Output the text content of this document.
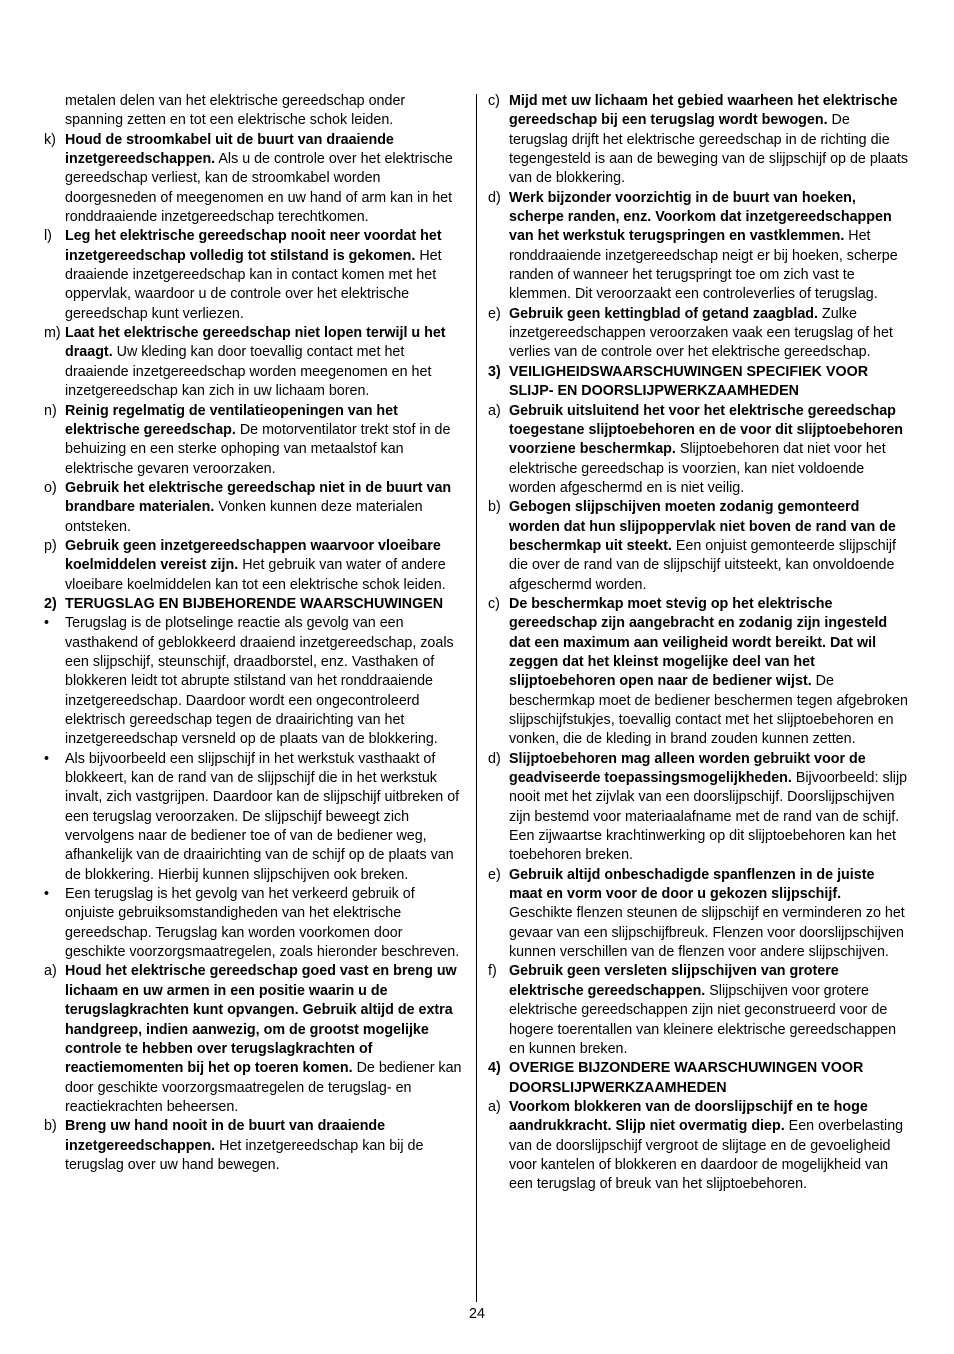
metalen delen van het elektrische gereedschap onder spanning zetten en tot een elektrische schok leiden.
k) Houd de stroomkabel uit de buurt van draaiende inzetgereedschappen. Als u de controle over het elektrische gereedschap verliest, kan de stroomkabel worden doorgesneden of meegenomen en uw hand of arm kan in het ronddraaiende inzetgereedschap terechtkomen.
l) Leg het elektrische gereedschap nooit neer voordat het inzetgereedschap volledig tot stilstand is gekomen. Het draaiende inzetgereedschap kan in contact komen met het oppervlak, waardoor u de controle over het elektrische gereedschap kunt verliezen.
m) Laat het elektrische gereedschap niet lopen terwijl u het draagt. Uw kleding kan door toevallig contact met het draaiende inzetgereedschap worden meegenomen en het inzetgereedschap kan zich in uw lichaam boren.
n) Reinig regelmatig de ventilatieopeningen van het elektrische gereedschap. De motorventilator trekt stof in de behuizing en een sterke ophoping van metaalstof kan elektrische gevaren veroorzaken.
o) Gebruik het elektrische gereedschap niet in de buurt van brandbare materialen. Vonken kunnen deze materialen ontsteken.
p) Gebruik geen inzetgereedschappen waarvoor vloeibare koelmiddelen vereist zijn. Het gebruik van water of andere vloeibare koelmiddelen kan tot een elektrische schok leiden.
2) TERUGSLAG EN BIJBEHORENDE WAARSCHUWINGEN
• Terugslag is de plotselinge reactie als gevolg van een vasthakend of geblokkeerd draaiend inzetgereedschap, zoals een slijpschijf, steunschijf, draadborstel, enz. Vasthaken of blokkeren leidt tot abrupte stilstand van het ronddraaiende inzetgereedschap. Daardoor wordt een ongecontroleerd elektrisch gereedschap tegen de draairichting van het inzetgereedschap versneld op de plaats van de blokkering.
• Als bijvoorbeeld een slijpschijf in het werkstuk vasthaakt of blokkeert, kan de rand van de slijpschijf die in het werkstuk invalt, zich vastgrijpen. Daardoor kan de slijpschijf uitbreken of een terugslag veroorzaken. De slijpschijf beweegt zich vervolgens naar de bediener toe of van de bediener weg, afhankelijk van de draairichting van de schijf op de plaats van de blokkering. Hierbij kunnen slijpschijven ook breken.
• Een terugslag is het gevolg van het verkeerd gebruik of onjuiste gebruiksomstandigheden van het elektrische gereedschap. Terugslag kan worden voorkomen door geschikte voorzorgsmaatregelen, zoals hieronder beschreven.
a) Houd het elektrische gereedschap goed vast en breng uw lichaam en uw armen in een positie waarin u de terugslagkrachten kunt opvangen. Gebruik altijd de extra handgreep, indien aanwezig, om de grootst mogelijke controle te hebben over terugslagkrachten of reactiemomenten bij het op toeren komen. De bediener kan door geschikte voorzorgsmaatregelen de terugslag- en reactiekrachten beheersen.
b) Breng uw hand nooit in de buurt van draaiende inzetgereedschappen. Het inzetgereedschap kan bij de terugslag over uw hand bewegen.
c) Mijd met uw lichaam het gebied waarheen het elektrische gereedschap bij een terugslag wordt bewogen. De terugslag drijft het elektrische gereedschap in de richting die tegengesteld is aan de beweging van de slijpschijf op de plaats van de blokkering.
d) Werk bijzonder voorzichtig in de buurt van hoeken, scherpe randen, enz. Voorkom dat inzetgereedschappen van het werkstuk terugspringen en vastklemmen. Het ronddraaiende inzetgereedschap neigt er bij hoeken, scherpe randen of wanneer het terugspringt toe om zich vast te klemmen. Dit veroorzaakt een controleverlies of terugslag.
e) Gebruik geen kettingblad of getand zaagblad. Zulke inzetgereedschappen veroorzaken vaak een terugslag of het verlies van de controle over het elektrische gereedschap.
3) VEILIGHEIDSWAARSCHUWINGEN SPECIFIEK VOOR SLIJP- EN DOORSLIJPWERKZAAMHEDEN
a) Gebruik uitsluitend het voor het elektrische gereedschap toegestane slijptoebehoren en de voor dit slijptoebehoren voorziene beschermkap. Slijptoebehoren dat niet voor het elektrische gereedschap is voorzien, kan niet voldoende worden afgeschermd en is niet veilig.
b) Gebogen slijpschijven moeten zodanig gemonteerd worden dat hun slijpoppervlak niet boven de rand van de beschermkap uit steekt. Een onjuist gemonteerde slijpschijf die over de rand van de slijpschijf uitsteekt, kan onvoldoende afgeschermd worden.
c) De beschermkap moet stevig op het elektrische gereedschap zijn aangebracht en zodanig zijn ingesteld dat een maximum aan veiligheid wordt bereikt. Dat wil zeggen dat het kleinst mogelijke deel van het slijptoebehoren open naar de bediener wijst. De beschermkap moet de bediener beschermen tegen afgebroken slijpschijfstukjes, toevallig contact met het slijptoebehoren en vonken, die de kleding in brand zouden kunnen zetten.
d) Slijptoebehoren mag alleen worden gebruikt voor de geadviseerde toepassingsmogelijkheden. Bijvoorbeeld: slijp nooit met het zijvlak van een doorslijpschijf. Doorslijpschijven zijn bestemd voor materiaalafname met de rand van de schijf. Een zijwaartse krachtinwerking op dit slijptoebehoren kan het toebehoren breken.
e) Gebruik altijd onbeschadigde spanflenzen in de juiste maat en vorm voor de door u gekozen slijpschijf. Geschikte flenzen steunen de slijpschijf en verminderen zo het gevaar van een slijpschijfbreuk. Flenzen voor doorslijpschijven kunnen verschillen van de flenzen voor andere slijpschijven.
f) Gebruik geen versleten slijpschijven van grotere elektrische gereedschappen. Slijpschijven voor grotere elektrische gereedschappen zijn niet geconstrueerd voor de hogere toerentallen van kleinere elektrische gereedschappen en kunnen breken.
4) OVERIGE BIJZONDERE WAARSCHUWINGEN VOOR DOORSLIJPWERKZAAMHEDEN
a) Voorkom blokkeren van de doorslijpschijf en te hoge aandrukkracht. Slijp niet overmatig diep. Een overbelasting van de doorslijpschijf vergroot de slijtage en de gevoeligheid voor kantelen of blokkeren en daardoor de mogelijkheid van een terugslag of breuk van het slijptoebehoren.
24
